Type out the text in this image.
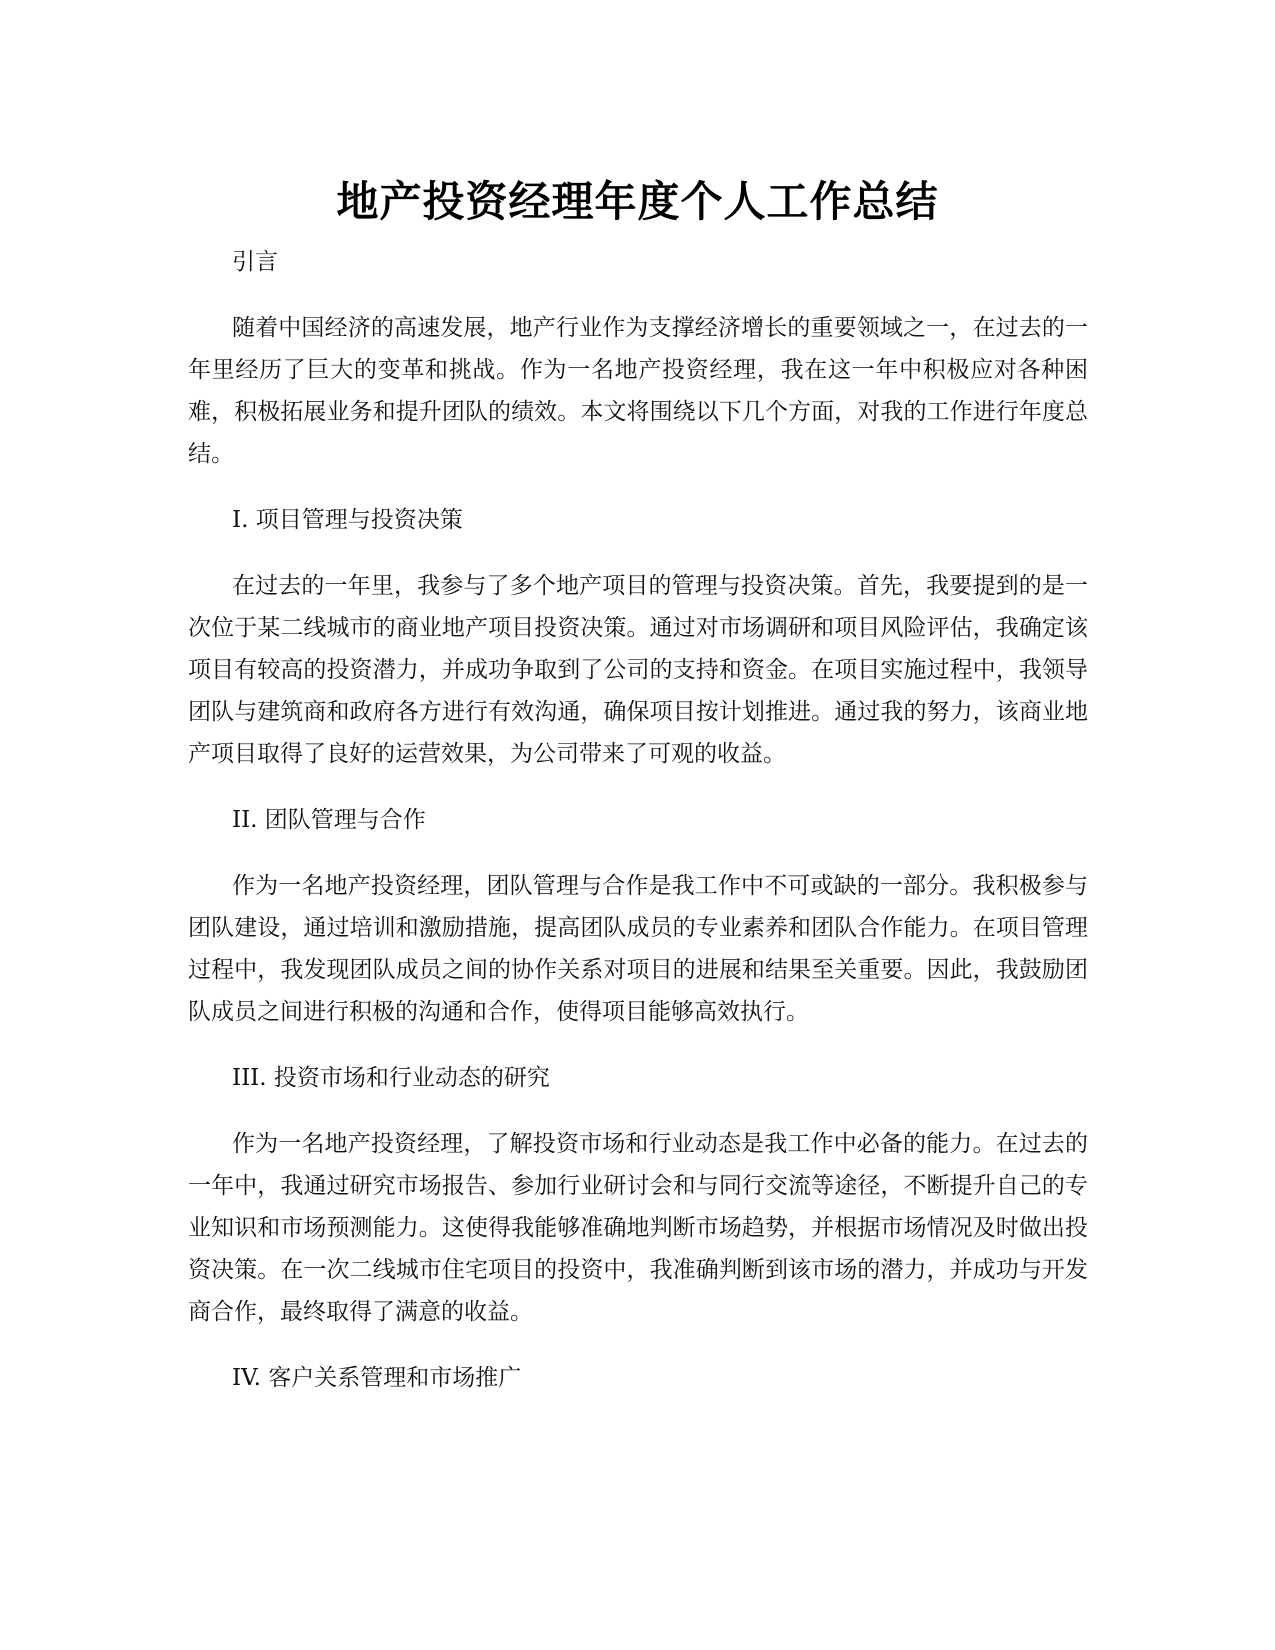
地产投资经理年度个人工作总结

引言

随着中国经济的高速发展，地产行业作为支撑经济增长的重要领域之一，在过去的一年里经历了巨大的变革和挑战。作为一名地产投资经理，我在这一年中积极应对各种困难，积极拓展业务和提升团队的绩效。本文将围绕以下几个方面，对我的工作进行年度总结。

I. 项目管理与投资决策

在过去的一年里，我参与了多个地产项目的管理与投资决策。首先，我要提到的是一次位于某二线城市的商业地产项目投资决策。通过对市场调研和项目风险评估，我确定该项目有较高的投资潜力，并成功争取到了公司的支持和资金。在项目实施过程中，我领导团队与建筑商和政府各方进行有效沟通，确保项目按计划推进。通过我的努力，该商业地产项目取得了良好的运营效果，为公司带来了可观的收益。

II. 团队管理与合作

作为一名地产投资经理，团队管理与合作是我工作中不可或缺的一部分。我积极参与团队建设，通过培训和激励措施，提高团队成员的专业素养和团队合作能力。在项目管理过程中，我发现团队成员之间的协作关系对项目的进展和结果至关重要。因此，我鼓励团队成员之间进行积极的沟通和合作，使得项目能够高效执行。

III. 投资市场和行业动态的研究

作为一名地产投资经理，了解投资市场和行业动态是我工作中必备的能力。在过去的一年中，我通过研究市场报告、参加行业研讨会和与同行交流等途径，不断提升自己的专业知识和市场预测能力。这使得我能够准确地判断市场趋势，并根据市场情况及时做出投资决策。在一次二线城市住宅项目的投资中，我准确判断到该市场的潜力，并成功与开发商合作，最终取得了满意的收益。

IV. 客户关系管理和市场推广
